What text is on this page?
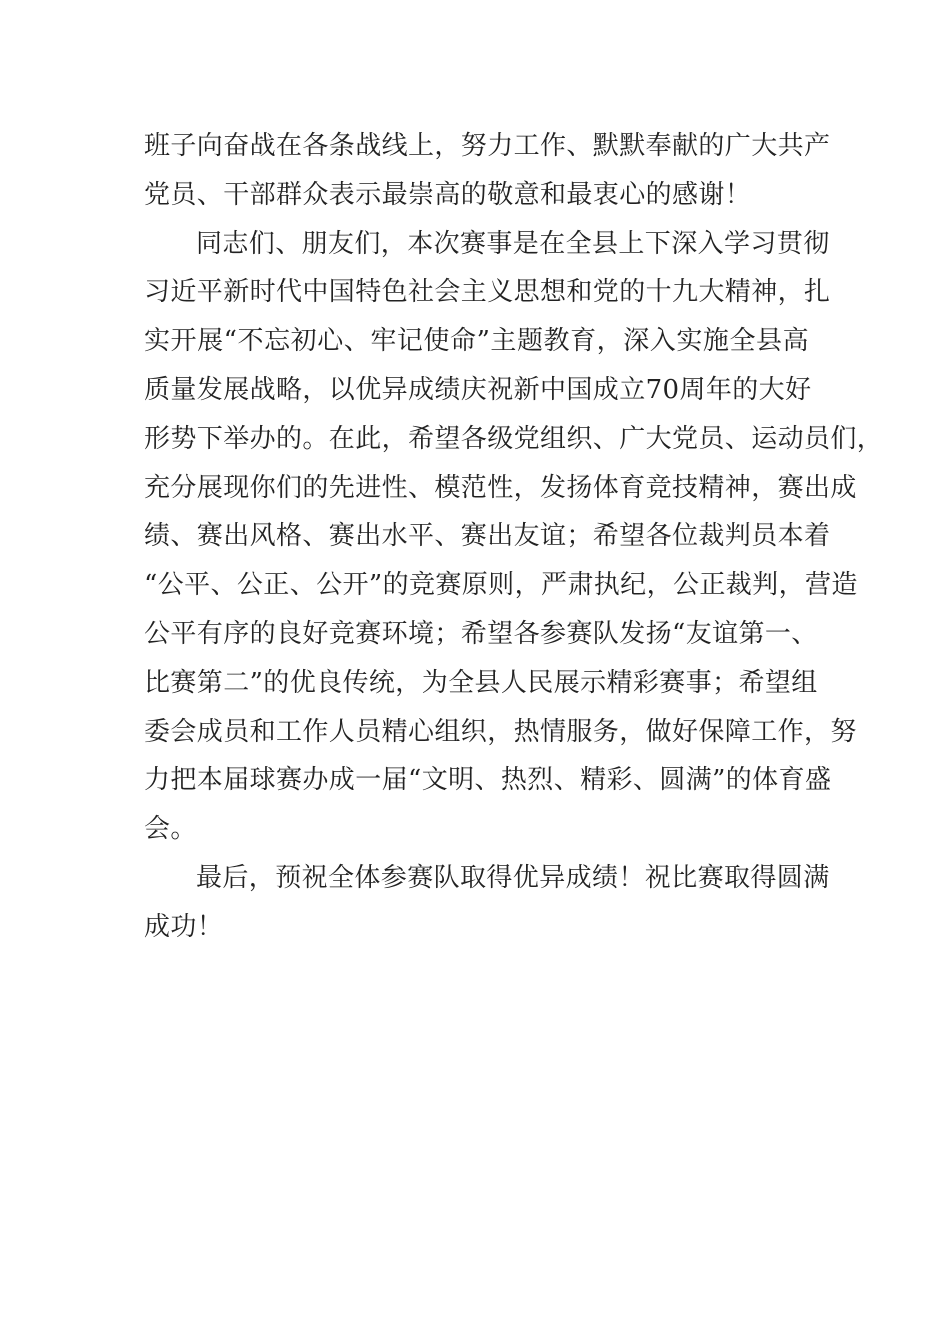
班子向奋战在各条战线上，努力工作、默默奉献的广大共产
党员、干部群众表示最崇高的敬意和最衷心的感谢！
同志们、朋友们，本次赛事是在全县上下深入学习贯彻
习近平新时代中国特色社会主义思想和党的十九大精神，扎
实开展“不忘初心、牢记使命”主题教育，深入实施全县高
质量发展战略，以优异成绩庆祝新中国成立70周年的大好
形势下举办的。在此，希望各级党组织、广大党员、运动员们，
充分展现你们的先进性、模范性，发扬体育竞技精神，赛出成
绩、赛出风格、赛出水平、赛出友谊；希望各位裁判员本着
“公平、公正、公开”的竞赛原则，严肃执纪，公正裁判，营造
公平有序的良好竞赛环境；希望各参赛队发扬“友谊第一、
比赛第二”的优良传统，为全县人民展示精彩赛事；希望组
委会成员和工作人员精心组织，热情服务，做好保障工作，努
力把本届球赛办成一届“文明、热烈、精彩、圆满”的体育盛
会。
最后，预祝全体参赛队取得优异成绩！祝比赛取得圆满
成功！
